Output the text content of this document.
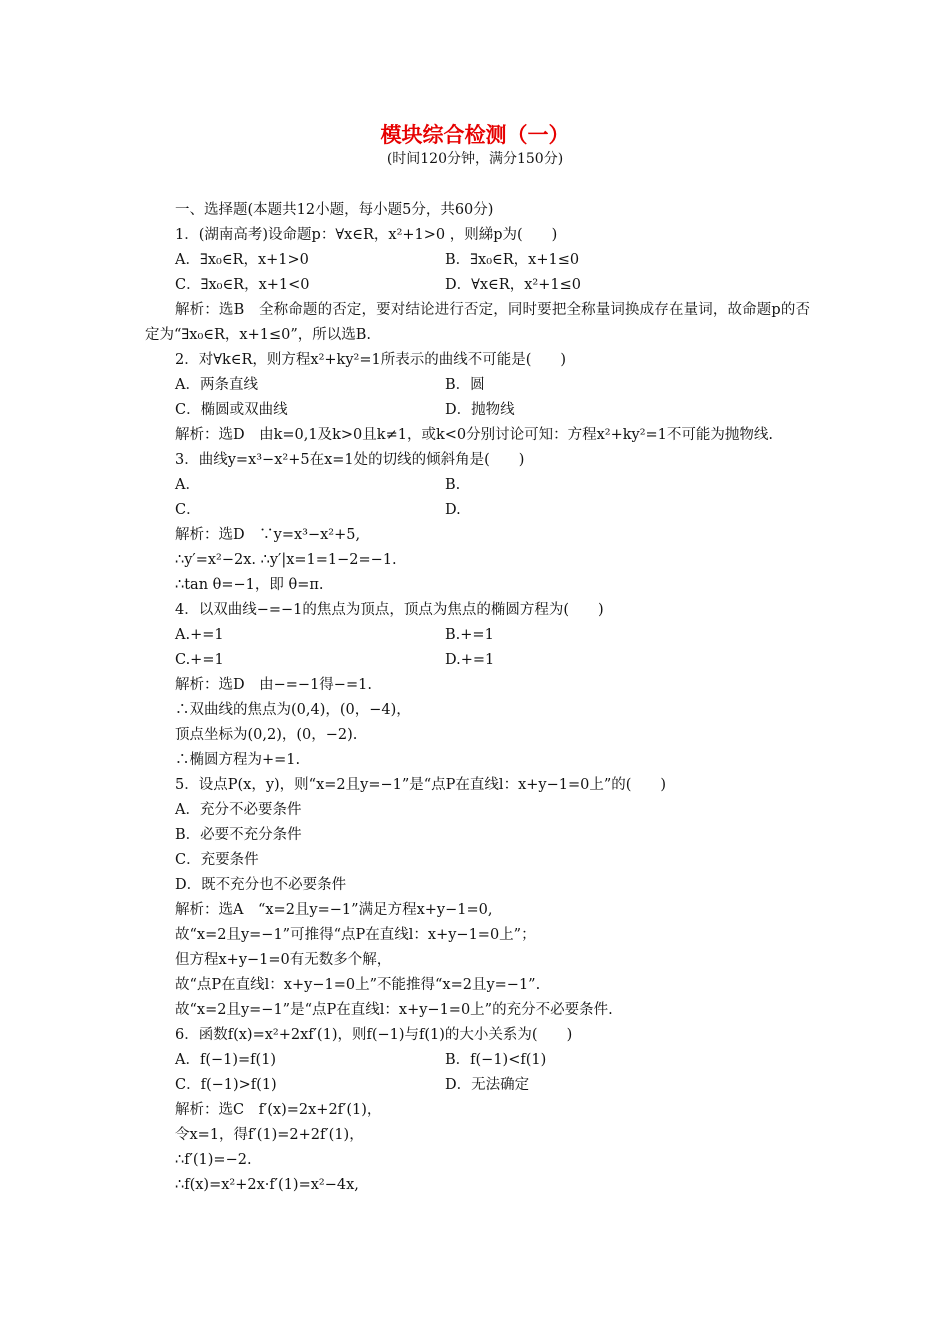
模块综合检测（一）
(时间120分钟，满分150分)
一、选择题(本题共12小题，每小题5分，共60分)
1．(湖南高考)设命题p：∀x∈R，x²+1>0 ，则綈p为(　　)
A．∃x₀∈R，x+1>0	B．∃x₀∈R，x+1≤0
C．∃x₀∈R，x+1<0	D．∀x∈R，x²+1≤0
解析：选B　全称命题的否定，要对结论进行否定，同时要把全称量词换成存在量词，故命题p的否定为“∃x₀∈R，x+1≤0”，所以选B.
2．对∀k∈R，则方程x²+ky²=1所表示的曲线不可能是(　　)
A．两条直线	B．圆
C．椭圆或双曲线	D．抛物线
解析：选D　由k=0,1及k>0且k≠1，或k<0分别讨论可知：方程x²+ky²=1不可能为抛物线.
3．曲线y=x³−x²+5在x=1处的切线的倾斜角是(　　)
A．	B.
C．	D.
解析：选D　∵y=x³−x²+5,
∴y′=x²−2x. ∴y′|x=1=1−2=−1.
∴tan θ=−1，即 θ=π.
4．以双曲线−=−1的焦点为顶点，顶点为焦点的椭圆方程为(　　)
A.+=1	B.+=1
C.+=1	D.+=1
解析：选D　由−=−1得−=1.
∴双曲线的焦点为(0,4)，(0，−4)，
顶点坐标为(0,2)，(0，−2).
∴椭圆方程为+=1.
5．设点P(x，y)，则“x=2且y=−1”是“点P在直线l：x+y−1=0上”的(　　)
A．充分不必要条件
B．必要不充分条件
C．充要条件
D．既不充分也不必要条件
解析：选A　“x=2且y=−1”满足方程x+y−1=0,
故“x=2且y=−1”可推得“点P在直线l：x+y−1=0上”；
但方程x+y−1=0有无数多个解，
故“点P在直线l：x+y−1=0上”不能推得“x=2且y=−1”.
故“x=2且y=−1”是“点P在直线l：x+y−1=0上”的充分不必要条件.
6．函数f(x)=x²+2xf′(1)，则f(−1)与f(1)的大小关系为(　　)
A．f(−1)=f(1)	B．f(−1)<f(1)
C．f(−1)>f(1)	D．无法确定
解析：选C　f′(x)=2x+2f′(1)，
令x=1，得f′(1)=2+2f′(1)，
∴f′(1)=−2.
∴f(x)=x²+2x·f′(1)=x²−4x,
